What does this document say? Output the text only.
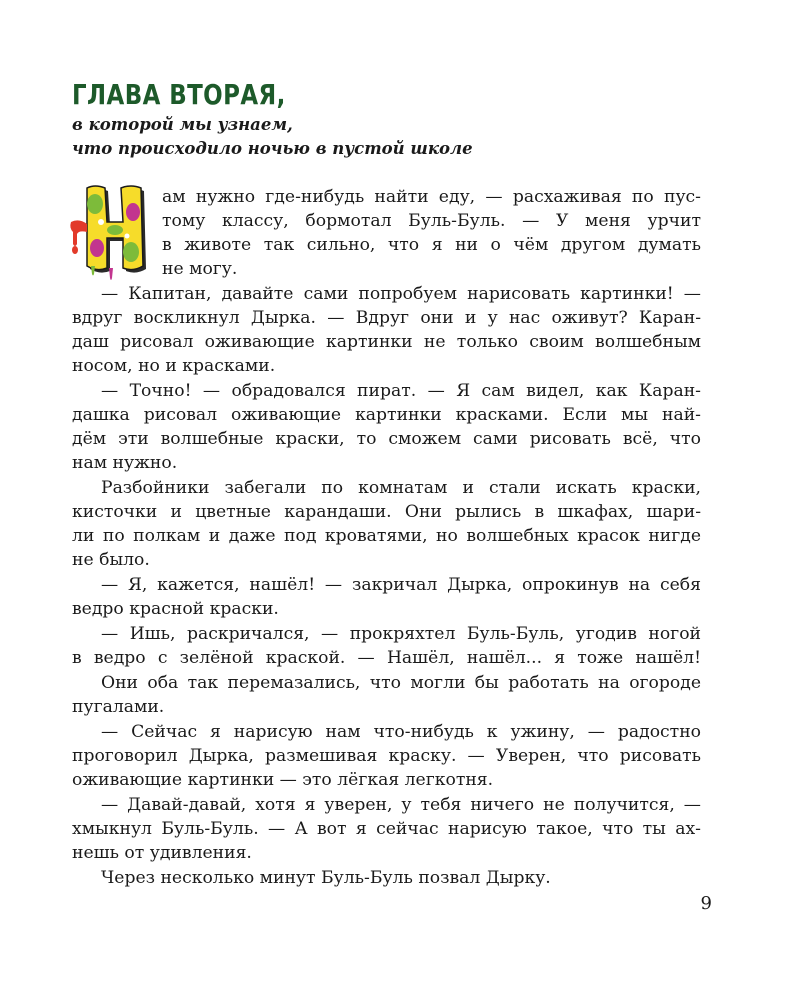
ГЛАВА ВТОРАЯ,

в которой мы узнаем,

что происходило ночью в пустой школе

ам нужно где-нибудь найти еду, — расхаживая по пус-
тому классу, бормотал Буль-Буль. — У меня урчит
в животе так сильно, что я ни о чём другом думать
не могу.
— Капитан, давайте сами попробуем нарисовать картинки! —
вдруг воскликнул Дырка. — Вдруг они и у нас оживут? Каран-
даш рисовал оживающие картинки не только своим волшебным
носом, но и красками.
— Точно! — обрадовался пират. — Я сам видел, как Каран-
дашка рисовал оживающие картинки красками. Если мы най-
дём эти волшебные краски, то сможем сами рисовать всё, что
нам нужно.
Разбойники забегали по комнатам и стали искать краски,
кисточки и цветные карандаши. Они рылись в шкафах, шари-
ли по полкам и даже под кроватями, но волшебных красок нигде
не было.
— Я, кажется, нашёл! — закричал Дырка, опрокинув на себя
ведро красной краски.
— Ишь, раскричался, — прокряхтел Буль-Буль, угодив ногой
в ведро с зелёной краской. — Нашёл, нашёл... я тоже нашёл!
Они оба так перемазались, что могли бы работать на огороде
пугалами.
— Сейчас я нарисую нам что-нибудь к ужину, — радостно
проговорил Дырка, размешивая краску. — Уверен, что рисовать
оживающие картинки — это лёгкая легкотня.
— Давай-давай, хотя я уверен, у тебя ничего не получится, —
хмыкнул Буль-Буль. — А вот я сейчас нарисую такое, что ты ах-
нешь от удивления.
Через несколько минут Буль-Буль позвал Дырку.
9
